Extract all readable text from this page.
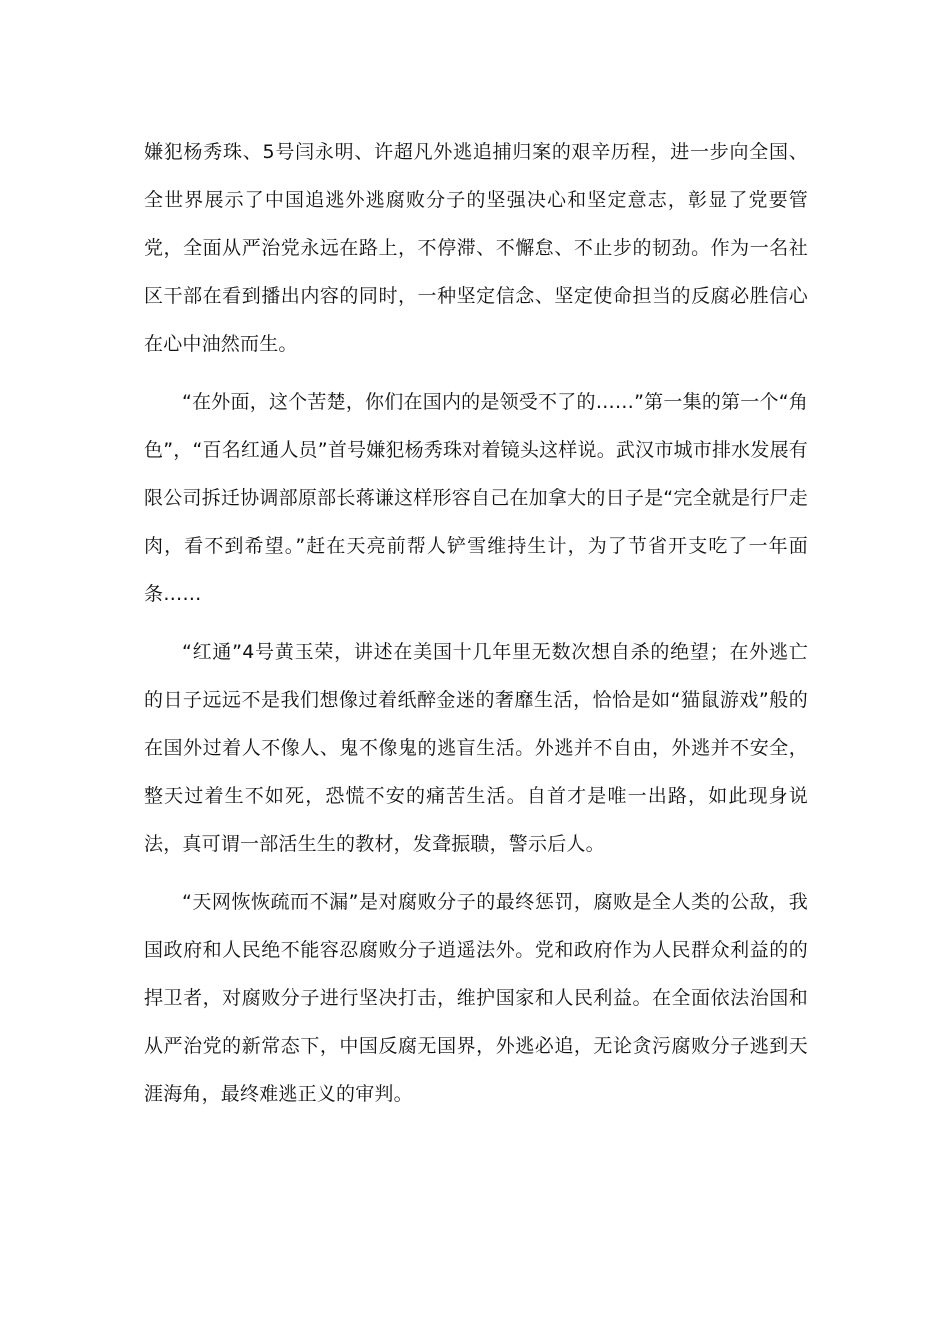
嫌犯杨秀珠、5号闫永明、许超凡外逃追捕归案的艰辛历程，进一步向全国、全世界展示了中国追逃外逃腐败分子的坚强决心和坚定意志，彰显了党要管党，全面从严治党永远在路上，不停滞、不懈怠、不止步的韧劲。作为一名社区干部在看到播出内容的同时，一种坚定信念、坚定使命担当的反腐必胜信心在心中油然而生。

“在外面，这个苦楚，你们在国内的是领受不了的……”第一集的第一个“角色”，“百名红通人员”首号嫌犯杨秀珠对着镜头这样说。武汉市城市排水发展有限公司拆迁协调部原部长蒋谦这样形容自己在加拿大的日子是“完全就是行尸走肉，看不到希望。”赶在天亮前帮人铲雪维持生计，为了节省开支吃了一年面条……

“红通”4号黄玉荣，讲述在美国十几年里无数次想自杀的绝望；在外逃亡的日子远远不是我们想像过着纸醉金迷的奢靡生活，恰恰是如“猫鼠游戏”般的在国外过着人不像人、鬼不像鬼的逃盲生活。外逃并不自由，外逃并不安全，整天过着生不如死，恐慌不安的痛苦生活。自首才是唯一出路，如此现身说法，真可谓一部活生生的教材，发聋振聩，警示后人。

“天网恢恢疏而不漏”是对腐败分子的最终惩罚，腐败是全人类的公敌，我国政府和人民绝不能容忍腐败分子逍遥法外。党和政府作为人民群众利益的的捍卫者，对腐败分子进行坚决打击，维护国家和人民利益。在全面依法治国和从严治党的新常态下，中国反腐无国界，外逃必追，无论贪污腐败分子逃到天涯海角，最终难逃正义的审判。
